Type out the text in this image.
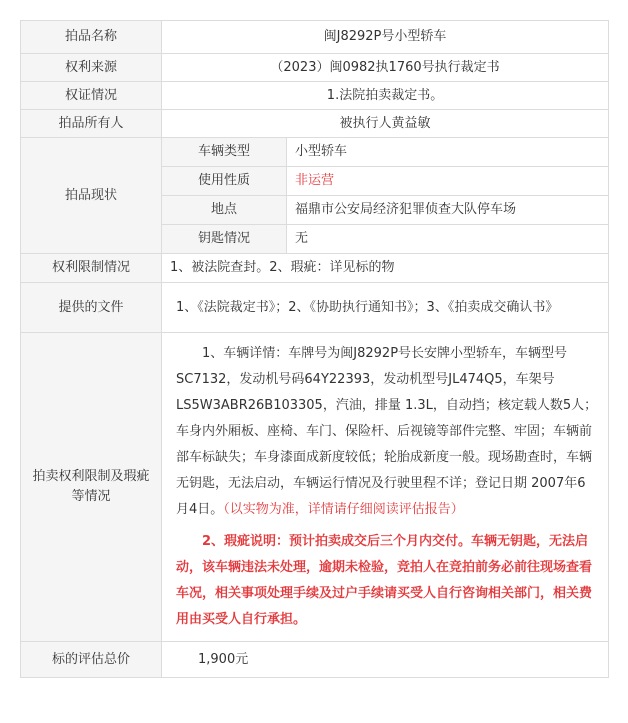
拍品名称	闽J8292P号小型轿车	
权利来源	（2023）闽0982执1760号执行裁定书	
权证情况	1.法院拍卖裁定书。	
拍品所有人	被执行人黄益敏	
拍品现状	车辆类型	小型轿车
	使用性质	非运营
	地点	福鼎市公安局经济犯罪侦查大队停车场
	钥匙情况	无
权利限制情况	1、被法院查封。2、瑕疵：详见标的物	
提供的文件	1、《法院裁定书》；2、《协助执行通知书》；3、《拍卖成交确认书》	
拍卖权利限制及瑕疵等情况	1、车辆详情：车牌号为闽J8292P号长安牌小型轿车，车辆型号SC7132，发动机号码64Y22393，发动机型号JL474Q5，车架号LS5W3ABR26B103305，汽油，排量 1.3L，自动挡；核定载人数5人；车身内外厢板、座椅、车门、保险杆、后视镜等部件完整、牢固；车辆前部车标缺失；车身漆面成新度较低；轮胎成新度一般。现场勘查时，车辆无钥匙，无法启动，车辆运行情况及行驶里程不详；登记日期 2007年6月4日。（以实物为准，详情请仔细阅读评估报告）

2、瑕疵说明：预计拍卖成交后三个月内交付。车辆无钥匙，无法启动，该车辆违法未处理，逾期未检验，竞拍人在竞拍前务必前往现场查看车况，相关事项处理手续及过户手续请买受人自行咨询相关部门，相关费用由买受人自行承担。	

标的评估总价	1,900元	
